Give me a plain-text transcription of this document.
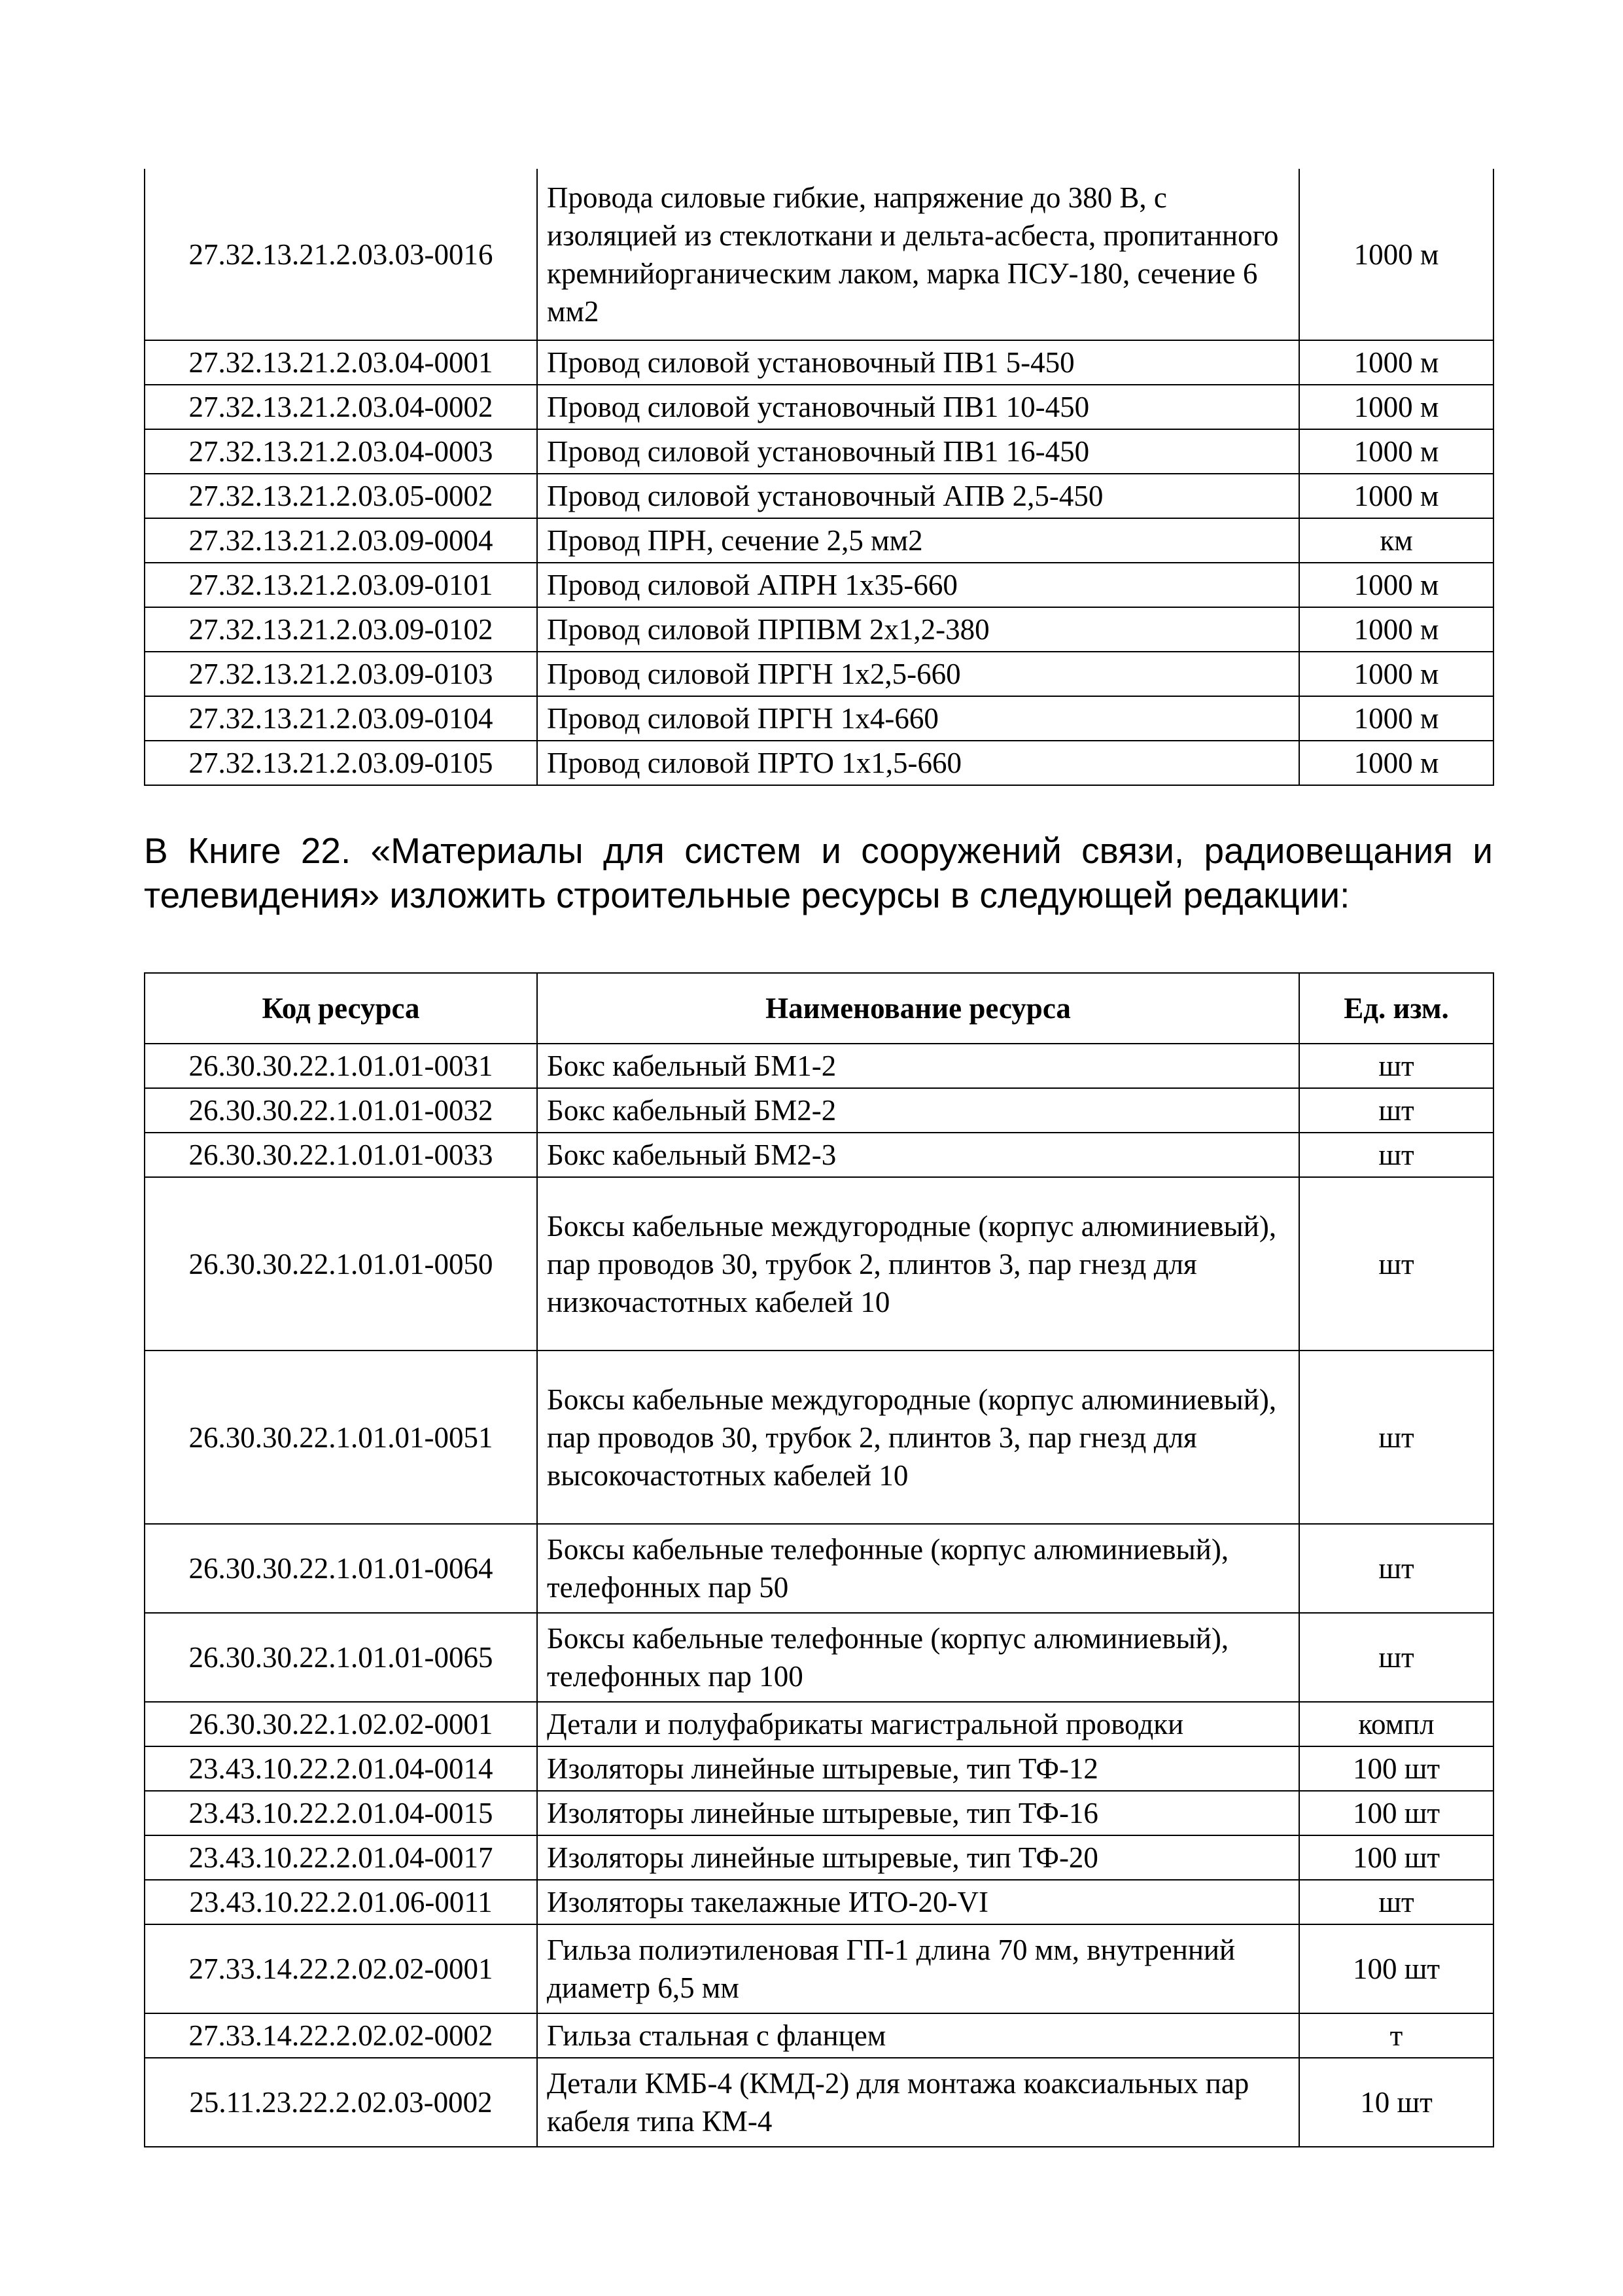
27.32.13.21.2.03.03-0016	Провода силовые гибкие, напряжение до 380 В, с изоляцией из стеклоткани и дельта-асбеста, пропитанного кремнийорганическим лаком, марка ПСУ-180, сечение 6 мм2	1000 м
27.32.13.21.2.03.04-0001	Провод силовой установочный ПВ1 5-450	1000 м
27.32.13.21.2.03.04-0002	Провод силовой установочный ПВ1 10-450	1000 м
27.32.13.21.2.03.04-0003	Провод силовой установочный ПВ1 16-450	1000 м
27.32.13.21.2.03.05-0002	Провод силовой установочный АПВ 2,5-450	1000 м
27.32.13.21.2.03.09-0004	Провод ПРН, сечение 2,5 мм2	км
27.32.13.21.2.03.09-0101	Провод силовой АПРН 1х35-660	1000 м
27.32.13.21.2.03.09-0102	Провод силовой ПРПВМ 2х1,2-380	1000 м
27.32.13.21.2.03.09-0103	Провод силовой ПРГН 1х2,5-660	1000 м
27.32.13.21.2.03.09-0104	Провод силовой ПРГН 1х4-660	1000 м
27.32.13.21.2.03.09-0105	Провод силовой ПРТО 1х1,5-660	1000 м

В Книге 22. «Материалы для систем и сооружений связи, радиовещания и телевидения» изложить строительные ресурсы в следующей редакции:

Код ресурса	Наименование ресурса	Ед. изм.
26.30.30.22.1.01.01-0031	Бокс кабельный БМ1-2	шт
26.30.30.22.1.01.01-0032	Бокс кабельный БМ2-2	шт
26.30.30.22.1.01.01-0033	Бокс кабельный БМ2-3	шт
26.30.30.22.1.01.01-0050	Боксы кабельные междугородные (корпус алюминиевый), пар проводов 30, трубок 2, плинтов 3, пар гнезд для низкочастотных кабелей 10	шт
26.30.30.22.1.01.01-0051	Боксы кабельные междугородные (корпус алюминиевый), пар проводов 30, трубок 2, плинтов 3, пар гнезд для высокочастотных кабелей 10	шт
26.30.30.22.1.01.01-0064	Боксы кабельные телефонные (корпус алюминиевый), телефонных пар 50	шт
26.30.30.22.1.01.01-0065	Боксы кабельные телефонные (корпус алюминиевый), телефонных пар 100	шт
26.30.30.22.1.02.02-0001	Детали и полуфабрикаты магистральной проводки	компл
23.43.10.22.2.01.04-0014	Изоляторы линейные штыревые, тип ТФ-12	100 шт
23.43.10.22.2.01.04-0015	Изоляторы линейные штыревые, тип ТФ-16	100 шт
23.43.10.22.2.01.04-0017	Изоляторы линейные штыревые, тип ТФ-20	100 шт
23.43.10.22.2.01.06-0011	Изоляторы такелажные ИТО-20-VI	шт
27.33.14.22.2.02.02-0001	Гильза полиэтиленовая ГП-1 длина 70 мм, внутренний диаметр 6,5 мм	100 шт
27.33.14.22.2.02.02-0002	Гильза стальная с фланцем	т
25.11.23.22.2.02.03-0002	Детали КМБ-4 (КМД-2) для монтажа коаксиальных пар кабеля типа КМ-4	10 шт
